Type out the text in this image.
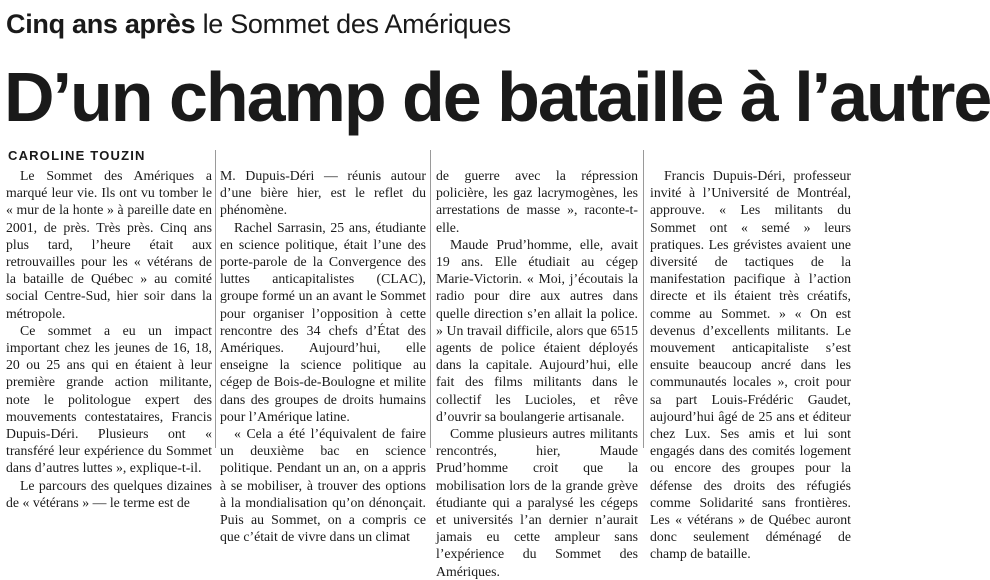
Cinq ans après le Sommet des Amériques
D’un champ de bataille à l’autre
CAROLINE TOUZIN

Le Sommet des Amériques a marqué leur vie. Ils ont vu tomber le « mur de la honte » à pareille date en 2001, de près. Très près. Cinq ans plus tard, l’heure était aux retrouvailles pour les « vétérans de la bataille de Québec » au comité social Centre-Sud, hier soir dans la métropole.

Ce sommet a eu un impact important chez les jeunes de 16, 18, 20 ou 25 ans qui en étaient à leur première grande action militante, note le politologue expert des mouvements contestataires, Francis Dupuis-Déri. Plusieurs ont « transféré leur expérience du Sommet dans d’autres luttes », explique-t-il.

Le parcours des quelques dizaines de « vétérans » — le terme est de

M. Dupuis-Déri — réunis autour d’une bière hier, est le reflet du phénomène.

Rachel Sarrasin, 25 ans, étudiante en science politique, était l’une des porte-parole de la Convergence des luttes anticapitalistes (CLAC), groupe formé un an avant le Sommet pour organiser l’opposition à cette rencontre des 34 chefs d’État des Amériques. Aujourd’hui, elle enseigne la science politique au cégep de Bois-de-Boulogne et milite dans des groupes de droits humains pour l’Amérique latine.

« Cela a été l’équivalent de faire un deuxième bac en science politique. Pendant un an, on a appris à se mobiliser, à trouver des options à la mondialisation qu’on dénonçait. Puis au Sommet, on a compris ce que c’était de vivre dans un climat

de guerre avec la répression policière, les gaz lacrymogènes, les arrestations de masse », raconte-t-elle.

Maude Prud’homme, elle, avait 19 ans. Elle étudiait au cégep Marie-Victorin. « Moi, j’écoutais la radio pour dire aux autres dans quelle direction s’en allait la police. » Un travail difficile, alors que 6515 agents de police étaient déployés dans la capitale. Aujourd’hui, elle fait des films militants dans le collectif les Lucioles, et rêve d’ouvrir sa boulangerie artisanale.

Comme plusieurs autres militants rencontrés, hier, Maude Prud’homme croit que la mobilisation lors de la grande grève étudiante qui a paralysé les cégeps et universités l’an dernier n’aurait jamais eu cette ampleur sans l’expérience du Sommet des Amériques.

Francis Dupuis-Déri, professeur invité à l’Université de Montréal, approuve. « Les militants du Sommet ont « semé » leurs pratiques. Les grévistes avaient une diversité de tactiques de la manifestation pacifique à l’action directe et ils étaient très créatifs, comme au Sommet. » « On est devenus d’excellents militants. Le mouvement anticapitaliste s’est ensuite beaucoup ancré dans les communautés locales », croit pour sa part Louis-Frédéric Gaudet, aujourd’hui âgé de 25 ans et éditeur chez Lux. Ses amis et lui sont engagés dans des comités logement ou encore des groupes pour la défense des droits des réfugiés comme Solidarité sans frontières. Les « vétérans » de Québec auront donc seulement déménagé de champ de bataille.
